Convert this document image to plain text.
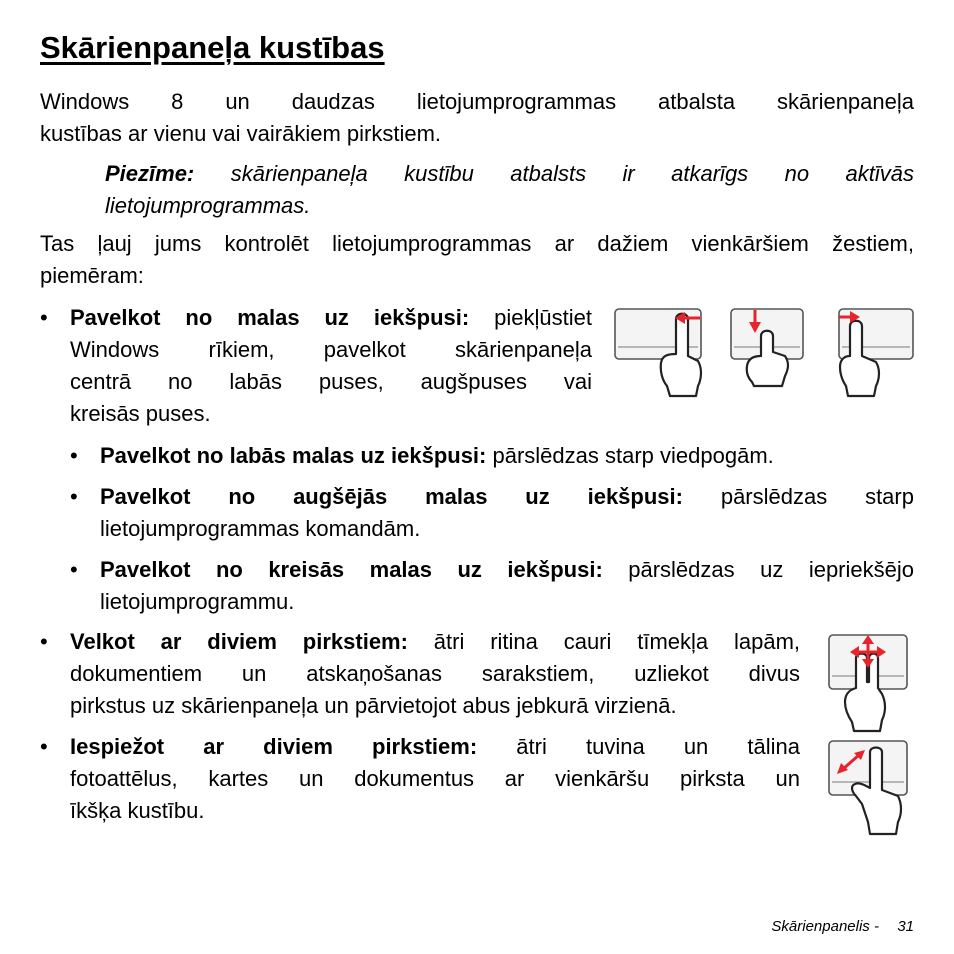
Skārienpaneļa kustības
Windows 8 un daudzas lietojumprogrammas atbalsta skārienpaneļa
kustības ar vienu vai vairākiem pirkstiem.
Piezīme: skārienpaneļa kustību atbalsts ir atkarīgs no aktīvās
lietojumprogrammas.
Tas ļauj jums kontrolēt lietojumprogrammas ar dažiem vienkāršiem žestiem,
piemēram:
• Pavelkot no malas uz iekšpusi: piekļūstiet
Windows rīkiem, pavelkot skārienpaneļa
centrā no labās puses, augšpuses vai
kreisās puses.
• Pavelkot no labās malas uz iekšpusi: pārslēdzas starp viedpogām.
• Pavelkot no augšējās malas uz iekšpusi: pārslēdzas starp
lietojumprogrammas komandām.
• Pavelkot no kreisās malas uz iekšpusi: pārslēdzas uz iepriekšējo
lietojumprogrammu.
• Velkot ar diviem pirkstiem: ātri ritina cauri tīmekļa lapām,
dokumentiem un atskaņošanas sarakstiem, uzliekot divus
pirkstus uz skārienpaneļa un pārvietojot abus jebkurā virzienā.
• Iespiežot ar diviem pirkstiem: ātri tuvina un tālina
fotoattēlus, kartes un dokumentus ar vienkāršu pirksta un
īkšķa kustību.
Skārienpanelis - 31
